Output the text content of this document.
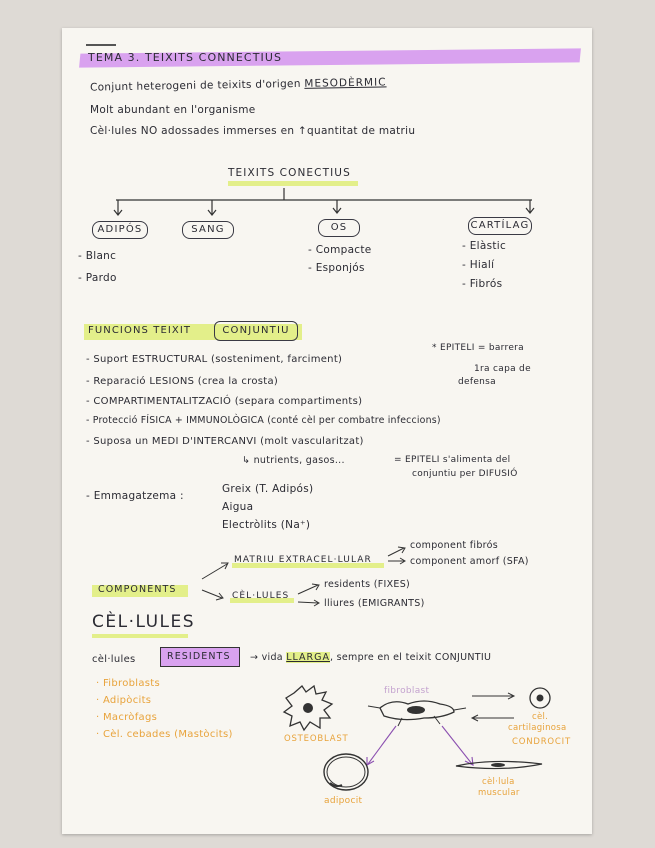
TEMA 3. TEIXITS CONNECTIUS
Conjunt heterogeni de teixits d'origen MESODÈRMIC
Molt abundant en l'organisme
Cèl·lules NO adossades immerses en ↑quantitat de matriu
TEIXITS CONECTIUS
ADIPÓS	SANG	OS	CARTÍLAG
- Blanc
- Pardo
- Compacte
- Esponjós
- Elàstic
- Hialí
- Fibrós
FUNCIONS TEIXIT	CONJUNTIU
- Suport ESTRUCTURAL (sosteniment, farciment)
- Reparació LESIONS (crea la crosta)
- COMPARTIMENTALITZACIÓ (separa compartiments)
- Protecció FÍSICA + IMMUNOLÒGICA (conté cèl per combatre infeccions)
- Suposa un MEDI D'INTERCANVI (molt vascularitzat)
↳ nutrients, gasos...	= EPITELI s'alimenta del
conjuntiu per DIFUSIÓ
* EPITELI = barrera
1ra capa de
defensa
- Emmagatzema :
Greix (T. Adipós)
Aigua
Electròlits (Na⁺)
COMPONENTS
MATRIU EXTRACEL·LULAR
component fibrós
component amorf (SFA)
CÈL·LULES
residents (FIXES)
lliures (EMIGRANTS)
CÈL·LULES
cèl·lules	RESIDENTS → vida LLARGA, sempre en el teixit CONJUNTIU
· Fibroblasts
· Adipòcits
· Macròfags
· Cèl. cebades (Mastòcits)	OSTEOBLAST
fibroblast
cèl.
cartilaginosa
CONDROCIT
adipocit
cèl·lula
muscular
